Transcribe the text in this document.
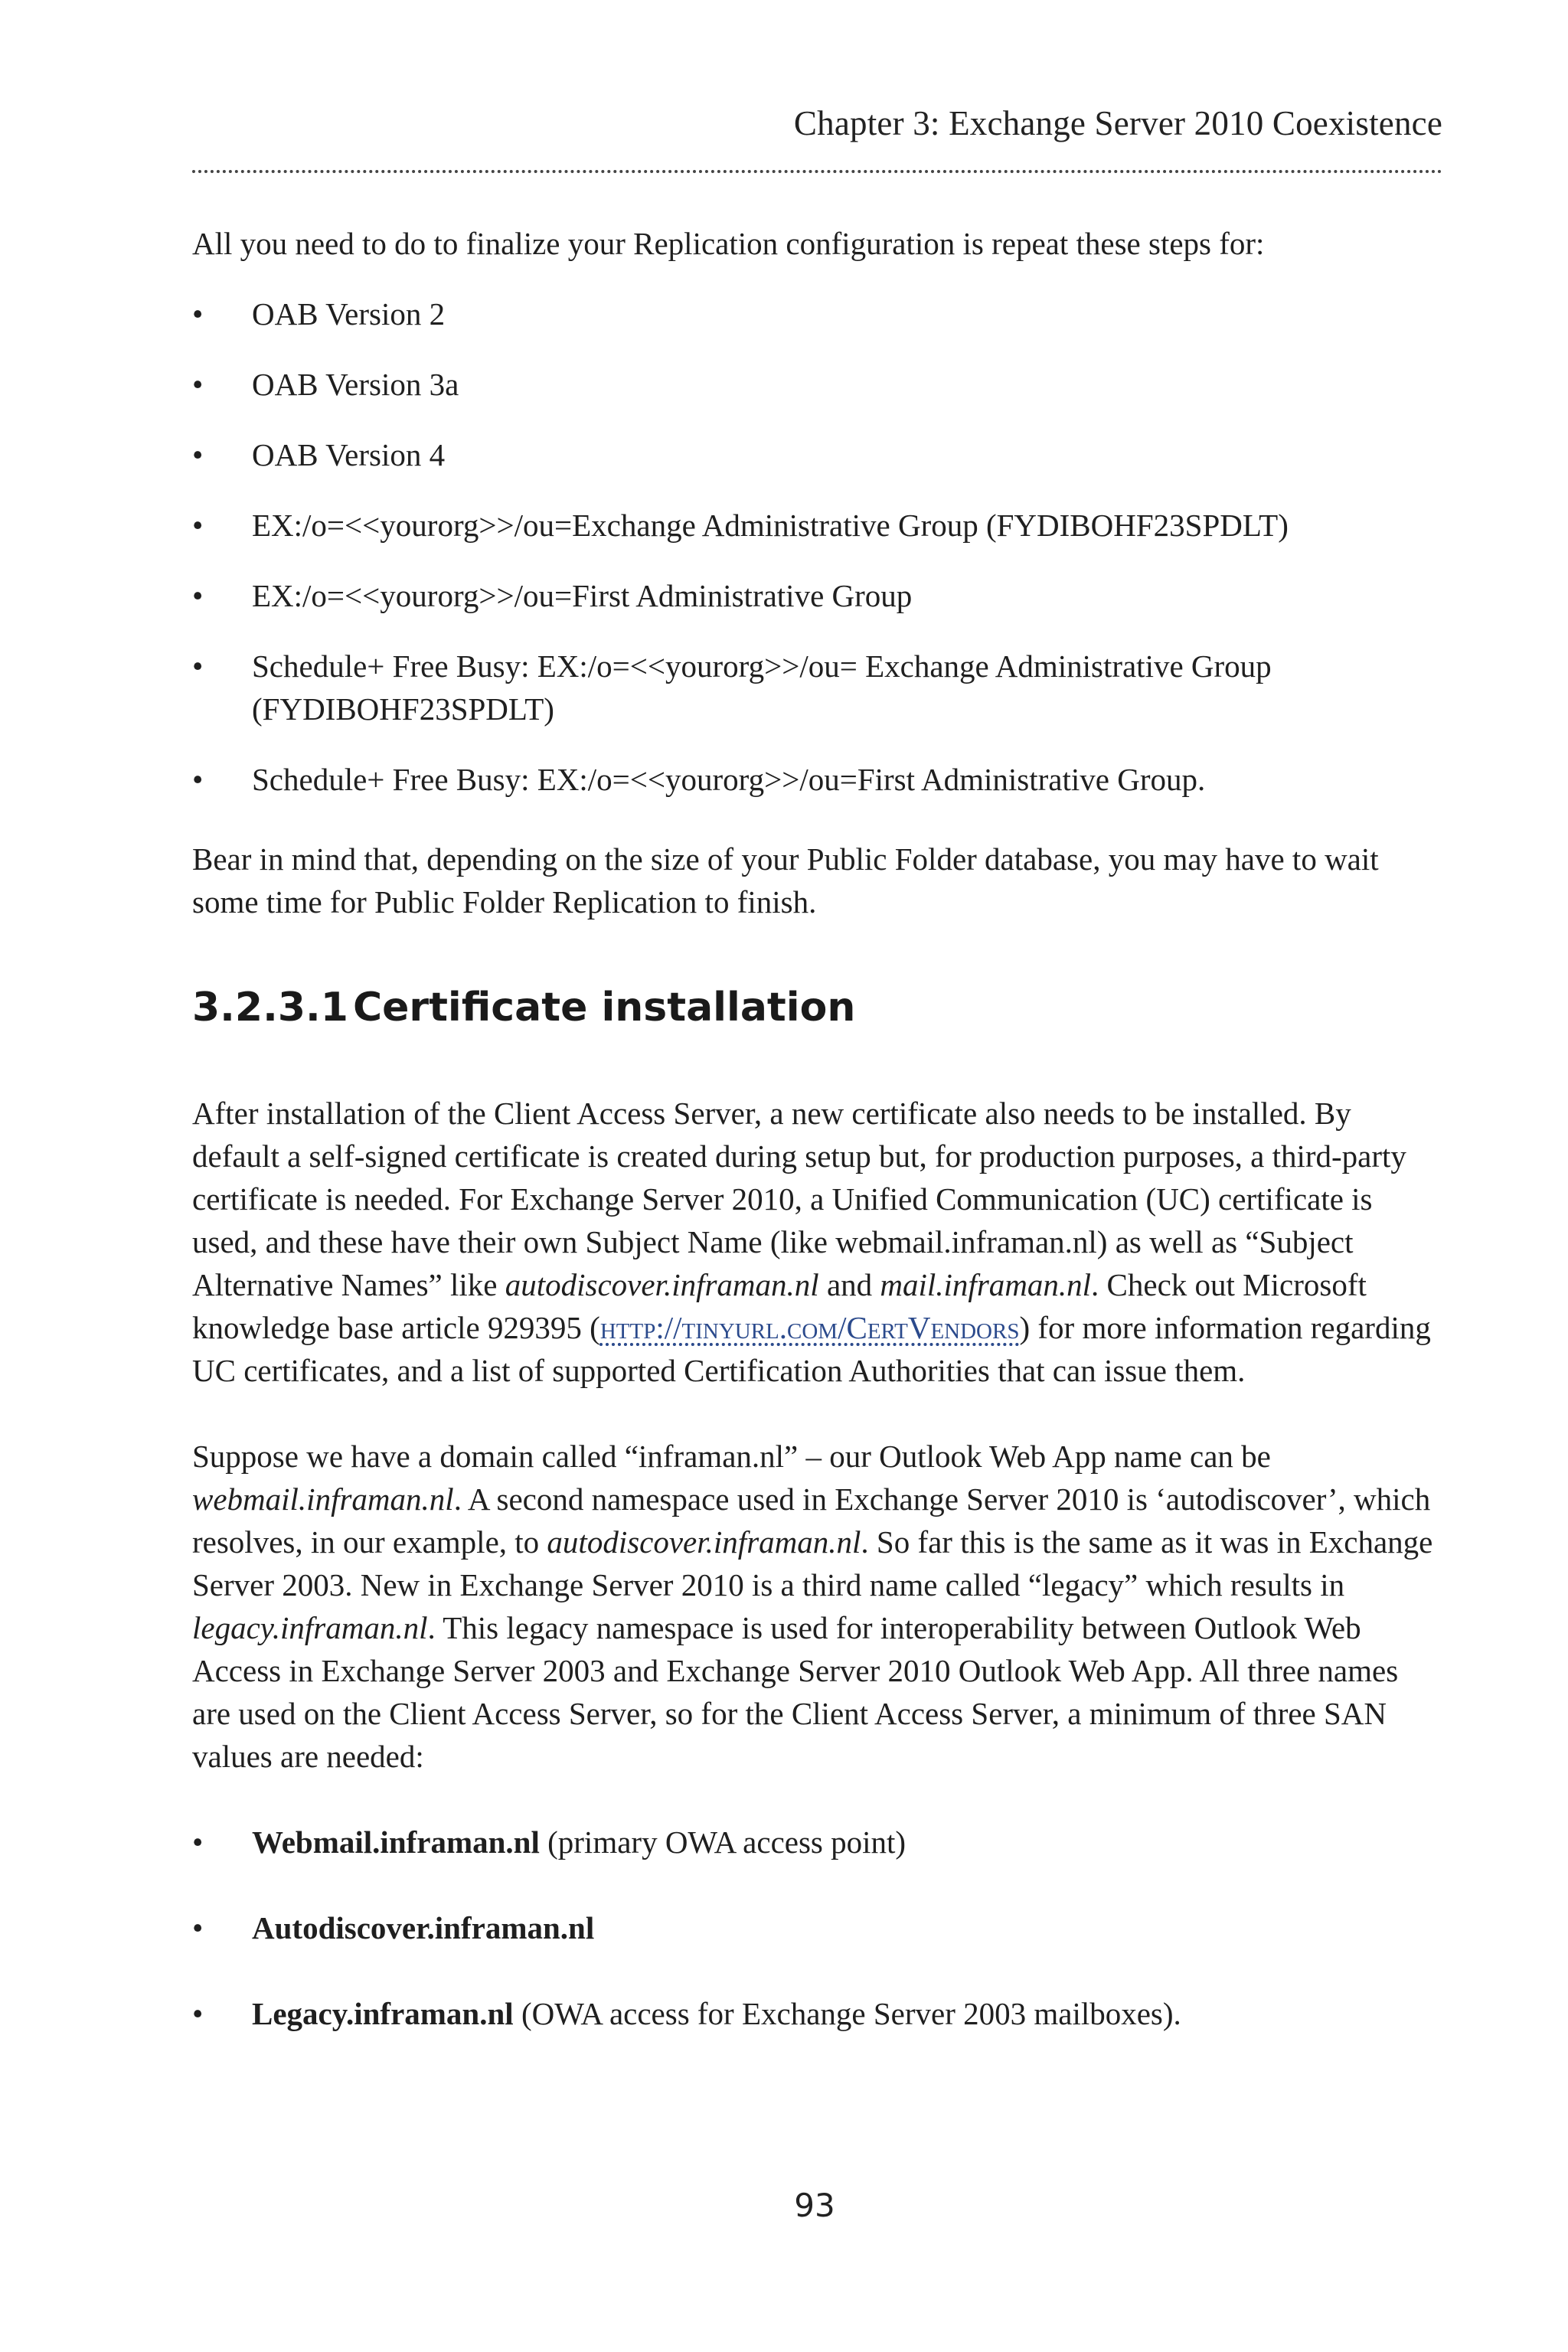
Chapter 3: Exchange Server 2010 Coexistence

All you need to do to finalize your Replication configuration is repeat these steps for:

• OAB Version 2
• OAB Version 3a
• OAB Version 4
• EX:/o=<<yourorg>>/ou=Exchange Administrative Group (FYDIBOHF23SPDLT)
• EX:/o=<<yourorg>>/ou=First Administrative Group
• Schedule+ Free Busy: EX:/o=<<yourorg>>/ou= Exchange Administrative Group (FYDIBOHF23SPDLT)
• Schedule+ Free Busy: EX:/o=<<yourorg>>/ou=First Administrative Group.

Bear in mind that, depending on the size of your Public Folder database, you may have to wait some time for Public Folder Replication to finish.

3.2.3.1 Certificate installation

After installation of the Client Access Server, a new certificate also needs to be installed. By default a self-signed certificate is created during setup but, for production purposes, a third-party certificate is needed. For Exchange Server 2010, a Unified Communication (UC) certificate is used, and these have their own Subject Name (like webmail.inframan.nl) as well as “Subject Alternative Names” like autodiscover.inframan.nl and mail.inframan.nl. Check out Microsoft knowledge base article 929395 (http://tinyurl.com/CertVendors) for more information regarding UC certificates, and a list of supported Certification Authorities that can issue them.

Suppose we have a domain called “inframan.nl” – our Outlook Web App name can be webmail.inframan.nl. A second namespace used in Exchange Server 2010 is ‘autodiscover’, which resolves, in our example, to autodiscover.inframan.nl. So far this is the same as it was in Exchange Server 2003. New in Exchange Server 2010 is a third name called “legacy” which results in legacy.inframan.nl. This legacy namespace is used for interoperability between Outlook Web Access in Exchange Server 2003 and Exchange Server 2010 Outlook Web App. All three names are used on the Client Access Server, so for the Client Access Server, a minimum of three SAN values are needed:

• Webmail.inframan.nl (primary OWA access point)
• Autodiscover.inframan.nl
• Legacy.inframan.nl (OWA access for Exchange Server 2003 mailboxes).
93
